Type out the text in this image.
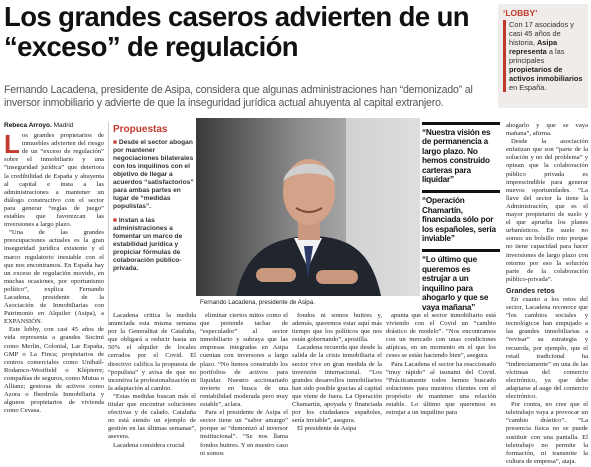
Los grandes caseros advierten de un “exceso” de regulación
Fernando Lacadena, presidente de Asipa, considera que algunas administraciones han “demonizado” al inversor inmobiliario y advierte de que la inseguridad jurídica actual ahuyenta al capital extranjero.
‘LOBBY’

Con 17 asociados y casi 45 años de historia, Asipa representa a las principales propietarios de activos inmobiliarios en España.

Rebeca Arroyo. Madrid
L os grandes propietarios de inmuebles advierten del riesgo de un “exceso de regulación” sobre el inmobiliario y una “inseguridad jurídica” que deteriora la credibilidad de España y ahuyenta al capital e insta a las administraciones a mantener un diálogo constructivo con el sector para generar “reglas de juego” estables que favorezcan las inversiones a largo plazo.

“Una de las grandes preocupaciones actuales es la gran inseguridad jurídica existente y el marco regulatorio inestable con el que nos encontramos. En España hay un exceso de regulación movido, en muchas ocasiones, por oportunismo político”, explica Fernando Lacadena, presidente de la Asociación de Inmobiliarias con Patrimonio en Alquiler (Asipa), a EXPANSIÓN.

Este lobby, con casi 45 años de vida representa a grandes Socimi como Merlin, Colonial, Lar España, GMP o La Finca; propietarios de centros comerciales como Unibail-Rodamco-Westfield o Klépierre; compañías de seguros, como Mutua o Allianz; gestoras de activos como Azora o Iberdrola Inmobiliaria y algunos propietarios de vivienda como Cevasa.

Propuestas
■ Desde el sector abogan por mantener negociaciones bilaterales con los inquilinos con el objetivo de llegar a acuerdos “satisfactorios” para ambas partes en lugar de “medidas populistas”.
■ Instan a las administraciones a fomentar un marco de estabilidad jurídica y propiciar fórmulas de colaboración público-privada.
Fernando Lacadena, presidente de Asipa.

Lacadena critica la medida anunciada esta misma semana por la Generalitat de Cataluña, que obligará a reducir hasta un 50% el alquiler de locales cerrados por el Covid. El directivo califica la propuesta de “populista” y avisa de que no incentiva la profesionalización ni la adaptación al cambio.

“Estas medidas buscan más el titular que encontrar soluciones efectivas y de calado. Cataluña no está siendo un ejemplo de gestión en las últimas semanas”, asevera.

Lacadena considera crucial

eliminar ciertos mitos como el que pretende tachar de “especulador” al sector inmobiliario y subraya que las empresas integradas en Asipa cuentan con inversores a largo plazo. “No hemos construido los portfolios de activos para liquidar. Nuestro accionariado invierte en busca de una rentabilidad moderada pero muy estable”, aclara.

Para el presidente de Asipa el sector tiene un “sabor amargo” porque se “demonizó al inversor institucional”. “Se nos llama fondos buitres. Y en nuestro caso ni somos

fondos ni somos buitres y, además, queremos estar aquí más tiempo que los políticos que nos están gobernando”, apostilla.

Lacadena recuerda que desde la salida de la crisis inmobiliaria el sector vive en gran medida de la inversión internacional. “Los grandes desarrollos inmobiliarios han sido posible gracias al capital que viene de fuera. La Operación Chamartín, apoyada y financiada por los ciudadanos españoles, sería inviable”, asegura.

El presidente de Asipa

apunta que el sector inmobiliario está viviendo con el Covid un “cambio drástico de modelo”. “Nos encontramos con un mercado con unas condiciones atípicas, en un momento en el que los ceses se están haciendo bien”, asegura.

Para Lacadena el sector ha reaccionado “muy rápido” al tsunami del Covid. “Prácticamente todos hemos buscado soluciones para nuestros clientes con el propósito de mantener una relación estable. Lo último que queremos es estrujar a un inquilino para

“Nuestra visión es de permanencia a largo plazo. No hemos construido carteras para liquidar”
“Operación Chamartín, financiada sólo por los españoles, sería inviable”
“Lo último que queremos es estrujar a un inquilino para ahogarlo y que se vaya mañana”

ahogarlo y que se vaya mañana”, afirma.

Desde la asociación enfatizan que son “parte de la solución y no del problema” y opinan que la colaboración público privada es imprescindible para generar nuevos oportunidades. “La llave del sector la tiene la Administración, que es el mayor propietario de suelo y el que aprueba los planes urbanísticos. En suelo no somos un bolsillo roto porque no tiene capacidad para hacer inversiones de largo plazo con retorno por eso la solución parte de la colaboración público-privada”.

Grandes retos

En cuanto a los retos del sector, Lacadena reconoce que “los cambios sociales y tecnológicos han empujado a las grandes inmobiliarias a “revisar” su estrategia y recuerda, por ejemplo, que el retail tradicional ha “indirectamente” en una de las víctimas del comercio electrónico, ya que debe adaptarse al auge del comercio electrónico.

Por contra, no cree que el teletrabajo vaya a provocar un “cambio drástico”. “La presencia física no se puede sustituir con una pantalla. El teletrabajo no permite la formación, ni transmite la cultura de empresa”, ataja.
